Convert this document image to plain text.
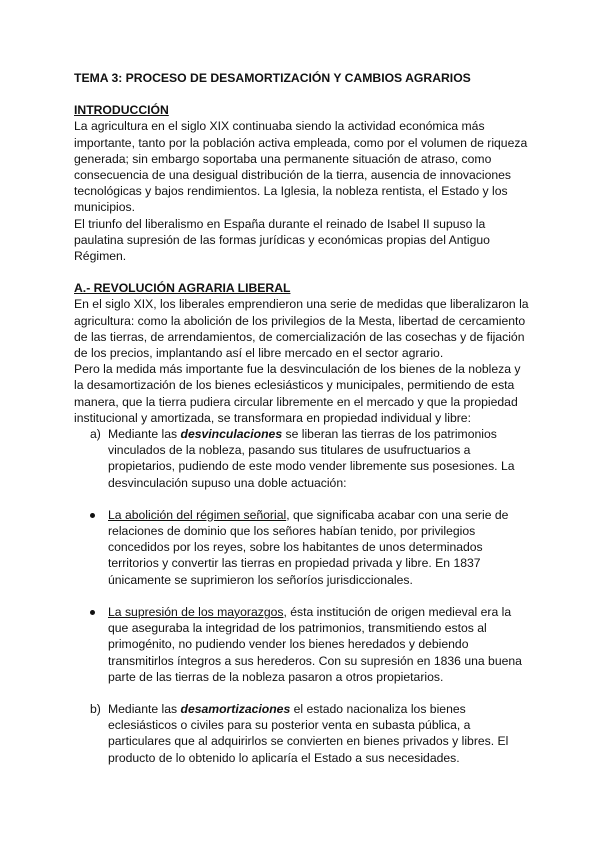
TEMA 3: PROCESO DE DESAMORTIZACIÓN Y CAMBIOS AGRARIOS

INTRODUCCIÓN

La agricultura en el siglo XIX continuaba siendo la actividad económica más importante, tanto por la población activa empleada, como por el volumen de riqueza generada; sin embargo soportaba una permanente situación de atraso, como consecuencia de una desigual distribución de la tierra, ausencia de innovaciones tecnológicas y bajos rendimientos. La Iglesia, la nobleza rentista, el Estado y los municipios.

El triunfo del liberalismo en España durante el reinado de Isabel II supuso la paulatina supresión de las formas jurídicas y económicas propias del Antiguo Régimen.

A.- REVOLUCIÓN AGRARIA LIBERAL

En el siglo XIX, los liberales emprendieron una serie de medidas que liberalizaron la agricultura: como la abolición de los privilegios de la Mesta, libertad de cercamiento de las tierras, de arrendamientos, de comercialización de las cosechas y de fijación de los precios, implantando así el libre mercado en el sector agrario.

Pero la medida más importante fue la desvinculación de los bienes de la nobleza y la desamortización de los bienes eclesiásticos y municipales, permitiendo de esta manera, que la tierra pudiera circular libremente en el mercado y que la propiedad institucional y amortizada, se transformara en propiedad individual y libre:

a) Mediante las desvinculaciones se liberan las tierras de los patrimonios vinculados de la nobleza, pasando sus titulares de usufructuarios a propietarios, pudiendo de este modo vender libremente sus posesiones. La desvinculación supuso una doble actuación:
La abolición del régimen señorial, que significaba acabar con una serie de relaciones de dominio que los señores habían tenido, por privilegios concedidos por los reyes, sobre los habitantes de unos determinados territorios y convertir las tierras en propiedad privada y libre. En 1837 únicamente se suprimieron los señoríos jurisdiccionales.
La supresión de los mayorazgos, ésta institución de origen medieval era la que aseguraba la integridad de los patrimonios, transmitiendo estos al primogénito, no pudiendo vender los bienes heredados y debiendo transmitirlos íntegros a sus herederos. Con su supresión en 1836 una buena parte de las tierras de la nobleza pasaron a otros propietarios.
b) Mediante las desamortizaciones el estado nacionaliza los bienes eclesiásticos o civiles para su posterior venta en subasta pública, a particulares que al adquirirlos se convierten en bienes privados y libres. El producto de lo obtenido lo aplicaría el Estado a sus necesidades.
